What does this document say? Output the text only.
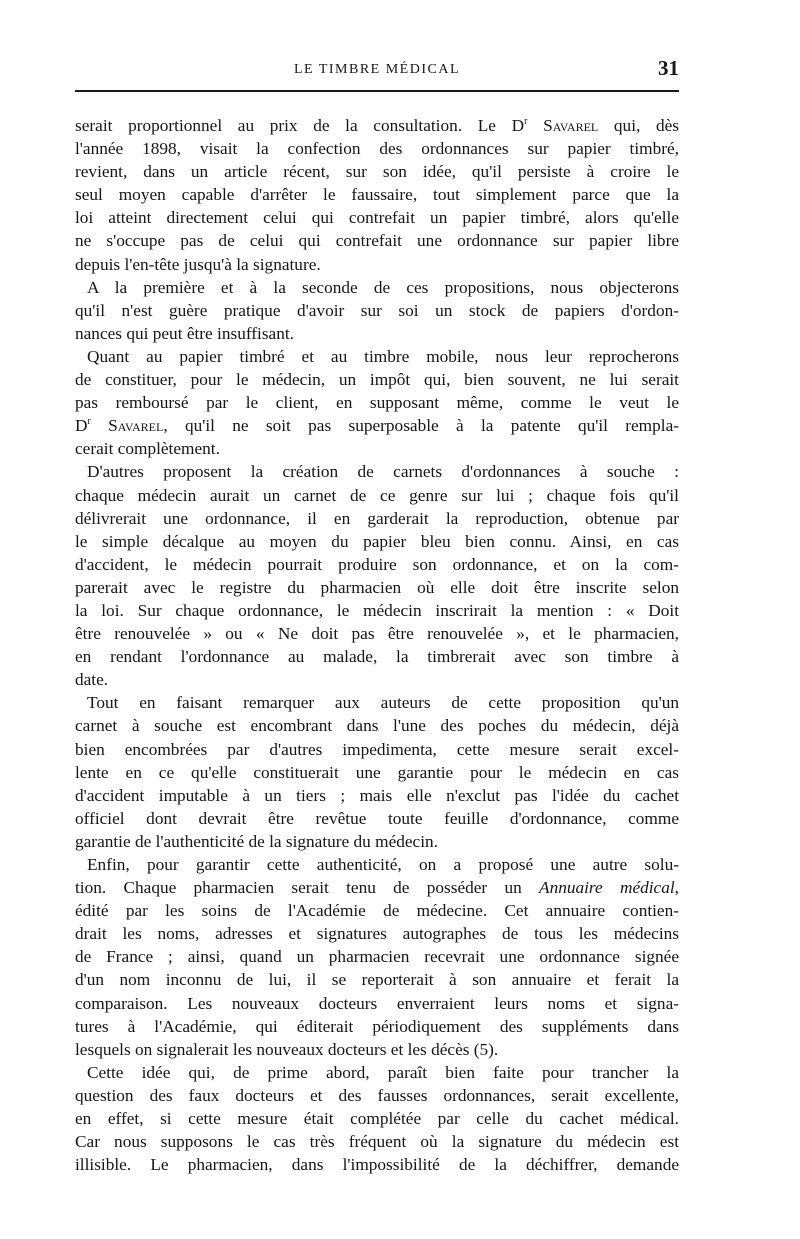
LE TIMBRE MÉDICAL	31
serait proportionnel au prix de la consultation. Le $D^r$ Savarel qui, dès
l'année 1898, visait la confection des ordonnances sur papier timbré,
revient, dans un article récent, sur son idée, qu'il persiste à croire le
seul moyen capable d'arrêter le faussaire, tout simplement parce que la
loi atteint directement celui qui contrefait un papier timbré, alors qu'elle
ne s'occupe pas de celui qui contrefait une ordonnance sur papier libre
depuis l'en-tête jusqu'à la signature.
A la première et à la seconde de ces propositions, nous objecterons
qu'il n'est guère pratique d'avoir sur soi un stock de papiers d'ordon-
nances qui peut être insuffisant.
Quant au papier timbré et au timbre mobile, nous leur reprocherons
de constituer, pour le médecin, un impôt qui, bien souvent, ne lui serait
pas remboursé par le client, en supposant même, comme le veut le
$D^r$ Savarel, qu'il ne soit pas superposable à la patente qu'il rempla-
cerait complètement.
D'autres proposent la création de carnets d'ordonnances à souche :
chaque médecin aurait un carnet de ce genre sur lui ; chaque fois qu'il
délivrerait une ordonnance, il en garderait la reproduction, obtenue par
le simple décalque au moyen du papier bleu bien connu. Ainsi, en cas
d'accident, le médecin pourrait produire son ordonnance, et on la com-
parerait avec le registre du pharmacien où elle doit être inscrite selon
la loi. Sur chaque ordonnance, le médecin inscrirait la mention : « Doit
être renouvelée » ou « Ne doit pas être renouvelée », et le pharmacien,
en rendant l'ordonnance au malade, la timbrerait avec son timbre à
date.
Tout en faisant remarquer aux auteurs de cette proposition qu'un
carnet à souche est encombrant dans l'une des poches du médecin, déjà
bien encombrées par d'autres impedimenta, cette mesure serait excel-
lente en ce qu'elle constituerait une garantie pour le médecin en cas
d'accident imputable à un tiers ; mais elle n'exclut pas l'idée du cachet
officiel dont devrait être revêtue toute feuille d'ordonnance, comme
garantie de l'authenticité de la signature du médecin.
Enfin, pour garantir cette authenticité, on a proposé une autre solu-
tion. Chaque pharmacien serait tenu de posséder un Annuaire médical,
édité par les soins de l'Académie de médecine. Cet annuaire contien-
drait les noms, adresses et signatures autographes de tous les médecins
de France ; ainsi, quand un pharmacien recevrait une ordonnance signée
d'un nom inconnu de lui, il se reporterait à son annuaire et ferait la
comparaison. Les nouveaux docteurs enverraient leurs noms et signa-
tures à l'Académie, qui éditerait périodiquement des suppléments dans
lesquels on signalerait les nouveaux docteurs et les décès (5).
Cette idée qui, de prime abord, paraît bien faite pour trancher la
question des faux docteurs et des fausses ordonnances, serait excellente,
en effet, si cette mesure était complétée par celle du cachet médical.
Car nous supposons le cas très fréquent où la signature du médecin est
illisible. Le pharmacien, dans l'impossibilité de la déchiffrer, demande
